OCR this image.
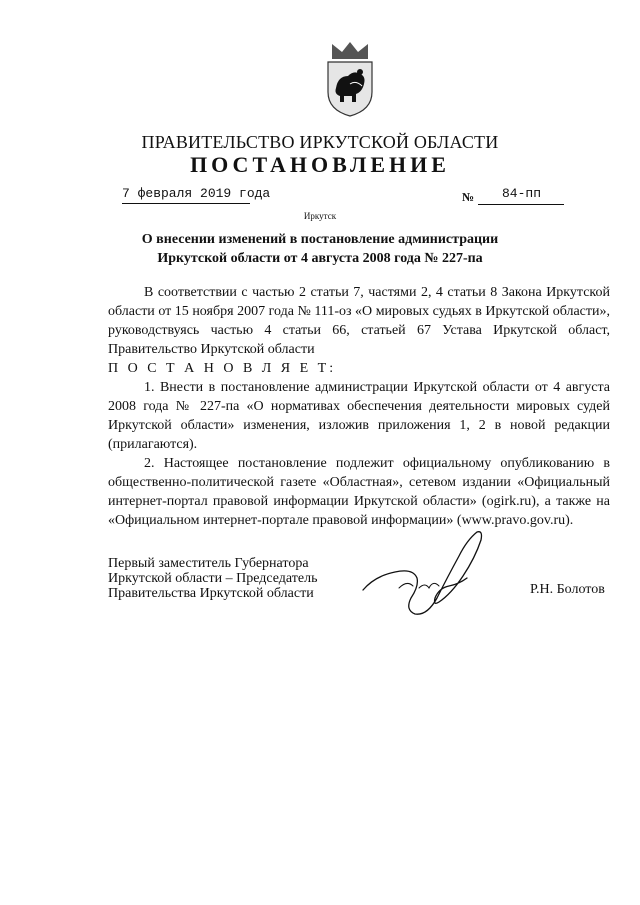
ПРАВИТЕЛЬСТВО ИРКУТСКОЙ ОБЛАСТИ
ПОСТАНОВЛЕНИЕ
7 февраля 2019 года	№ 84-пп
Иркутск
О внесении изменений в постановление администрации
Иркутской области от 4 августа 2008 года № 227-па

В соответствии с частью 2 статьи 7, частями 2, 4 статьи 8 Закона Иркутской области от 15 ноября 2007 года № 111-оз «О мировых судьях в Иркутской области», руководствуясь частью 4 статьи 66, статьей 67 Устава Иркутской област, Правительство Иркутской области

П О С Т А Н О В Л Я Е Т:

1. Внести в постановление администрации Иркутской области от 4 августа 2008 года № 227-па «О нормативах обеспечения деятельности мировых судей Иркутской области» изменения, изложив приложения 1, 2 в новой редакции (прилагаются).

2. Настоящее постановление подлежит официальному опубликованию в общественно-политической газете «Областная», сетевом издании «Официальный интернет-портал правовой информации Иркутской области» (ogirk.ru), а также на «Официальном интернет-портале правовой информации» (www.pravo.gov.ru).

Первый заместитель Губернатора
Иркутской области – Председатель
Правительства Иркутской области	Р.Н. Болотов
